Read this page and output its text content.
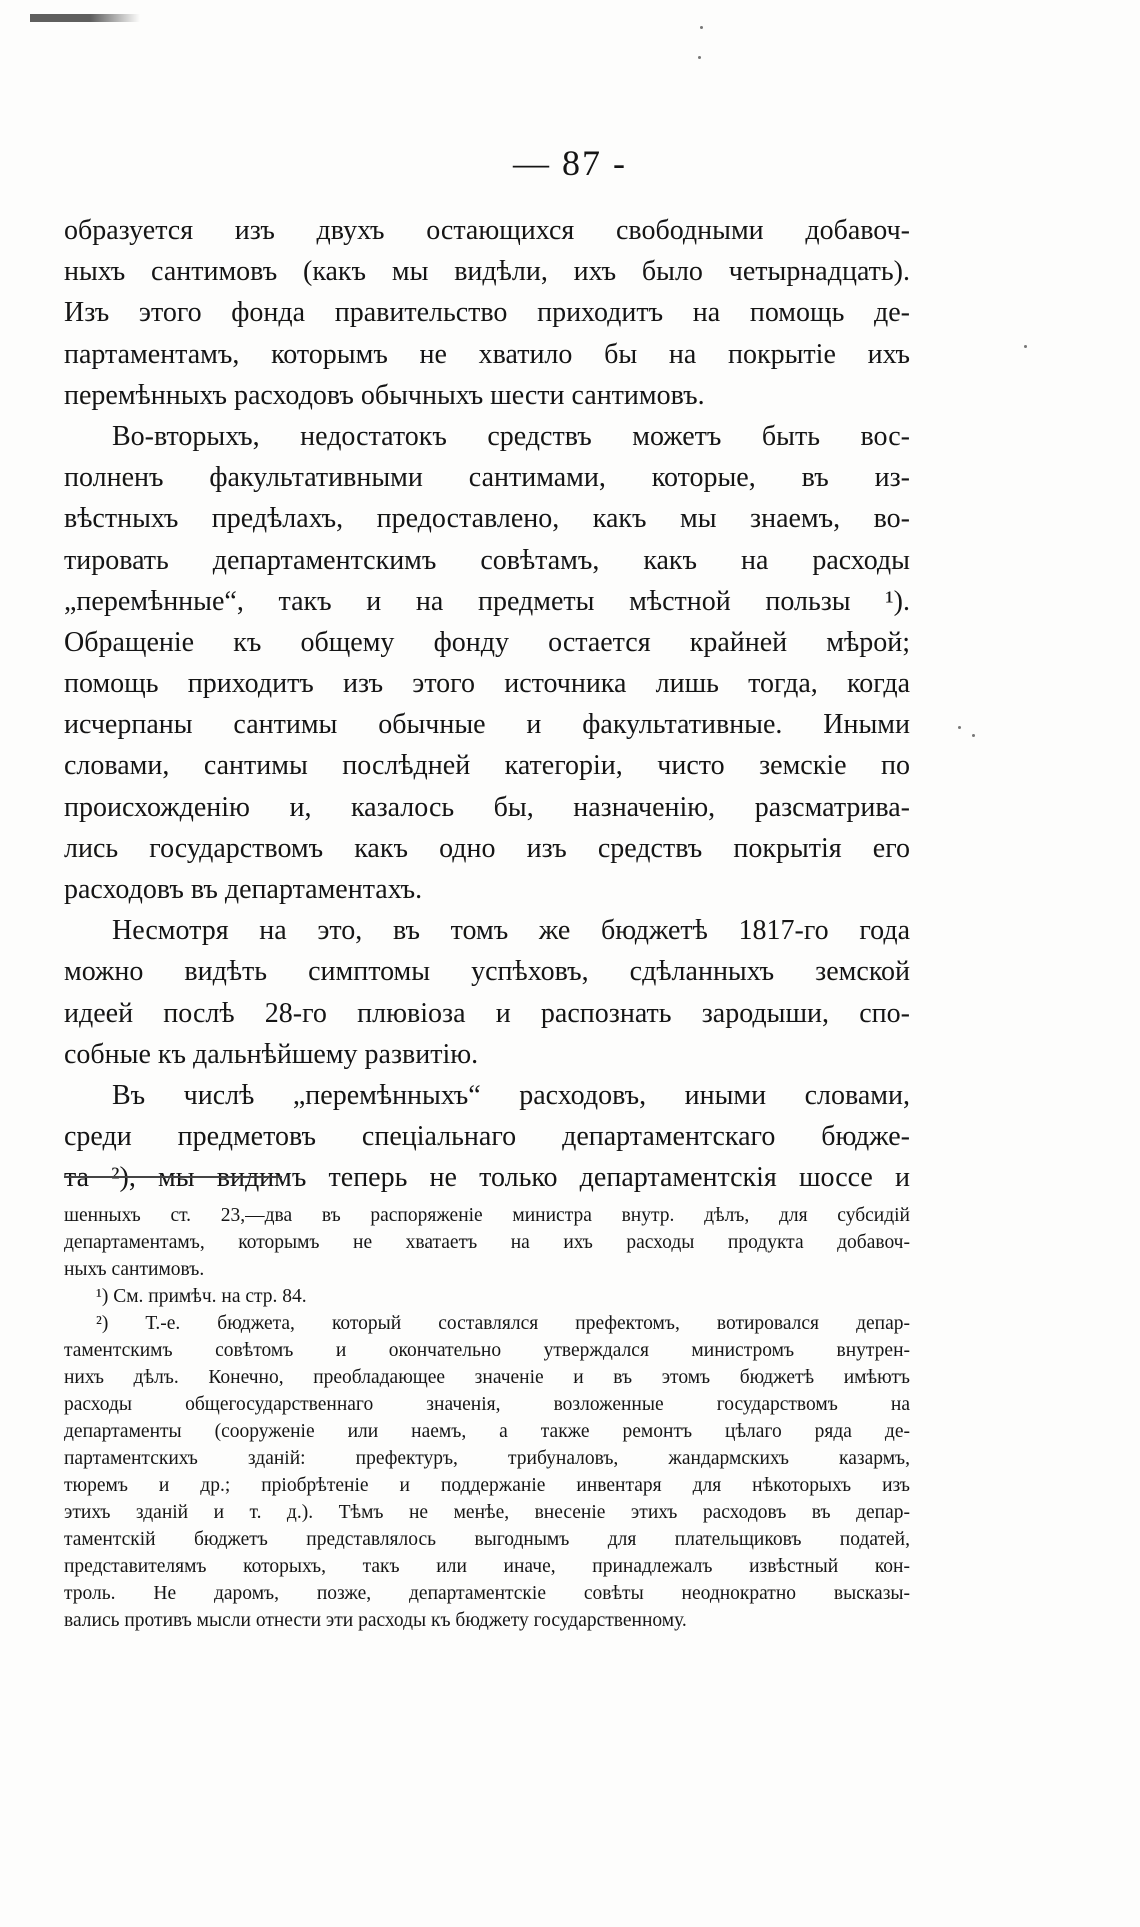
— 87 -
образуется изъ двухъ остающихся свободными добавоч-
ныхъ сантимовъ (какъ мы видѣли, ихъ было четырнадцать).
Изъ этого фонда правительство приходитъ на помощь де-
партаментамъ, которымъ не хватило бы на покрытіе ихъ
перемѣнныхъ расходовъ обычныхъ шести сантимовъ.
Во-вторыхъ, недостатокъ средствъ можетъ быть вос-
полненъ факультативными сантимами, которые, въ из-
вѣстныхъ предѣлахъ, предоставлено, какъ мы знаемъ, во-
тировать департаментскимъ совѣтамъ, какъ на расходы
„перемѣнные“, такъ и на предметы мѣстной пользы ¹).
Обращеніе къ общему фонду остается крайней мѣрой;
помощь приходитъ изъ этого источника лишь тогда, когда
исчерпаны сантимы обычные и факультативные. Иными
словами, сантимы послѣдней категоріи, чисто земскіе по
происхожденію и, казалось бы, назначенію, разсматрива-
лись государствомъ какъ одно изъ средствъ покрытія его
расходовъ въ департаментахъ.
Несмотря на это, въ томъ же бюджетѣ 1817-го года
можно видѣть симптомы успѣховъ, сдѣланныхъ земской
идеей послѣ 28-го плювіоза и распознать зародыши, спо-
собные къ дальнѣйшему развитію.
Въ числѣ „перемѣнныхъ“ расходовъ, иными словами,
среди предметовъ спеціальнаго департаментскаго бюдже-
та ²), мы видимъ теперь не только департаментскія шоссе и
шенныхъ ст. 23,—два въ распоряженіе министра внутр. дѣлъ, для субсидій
департаментамъ, которымъ не хватаетъ на ихъ расходы продукта добавоч-
ныхъ сантимовъ.
¹) См. примѣч. на стр. 84.
²) Т.-е. бюджета, который составлялся префектомъ, вотировался депар-
таментскимъ совѣтомъ и окончательно утверждался министромъ внутрен-
нихъ дѣлъ. Конечно, преобладающее значеніе и въ этомъ бюджетѣ имѣютъ
расходы общегосударственнаго значенія, возложенные государствомъ на
департаменты (сооруженіе или наемъ, а также ремонтъ цѣлаго ряда де-
партаментскихъ зданій: префектуръ, трибуналовъ, жандармскихъ казармъ,
тюремъ и др.; пріобрѣтеніе и поддержаніе инвентаря для нѣкоторыхъ изъ
этихъ зданій и т. д.). Тѣмъ не менѣе, внесеніе этихъ расходовъ въ депар-
таментскій бюджетъ представлялось выгоднымъ для плательщиковъ податей,
представителямъ которыхъ, такъ или иначе, принадлежалъ извѣстный кон-
троль. Не даромъ, позже, департаментскіе совѣты неоднократно высказы-
вались противъ мысли отнести эти расходы къ бюджету государственному.
